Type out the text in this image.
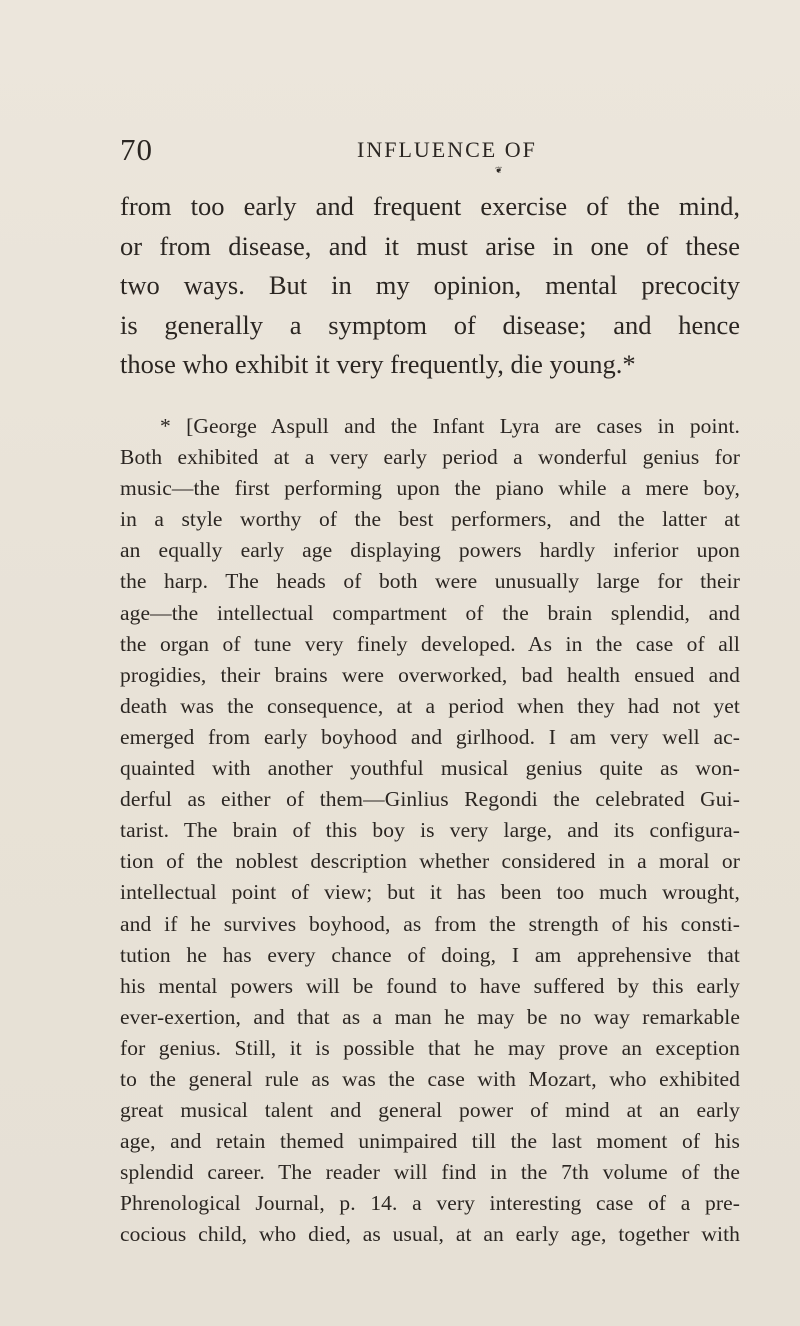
70	INFLUENCE OF
❦
from too early and frequent exercise of the mind,
or from disease, and it must arise in one of these
two ways. But in my opinion, mental precocity
is generally a symptom of disease; and hence
those who exhibit it very frequently, die young.*
* [George Aspull and the Infant Lyra are cases in point.
Both exhibited at a very early period a wonderful genius for
music—the first performing upon the piano while a mere boy,
in a style worthy of the best performers, and the latter at
an equally early age displaying powers hardly inferior upon
the harp. The heads of both were unusually large for their
age—the intellectual compartment of the brain splendid, and
the organ of tune very finely developed. As in the case of all
progidies, their brains were overworked, bad health ensued and
death was the consequence, at a period when they had not yet
emerged from early boyhood and girlhood. I am very well ac-
quainted with another youthful musical genius quite as won-
derful as either of them—Ginlius Regondi the celebrated Gui-
tarist. The brain of this boy is very large, and its configura-
tion of the noblest description whether considered in a moral or
intellectual point of view; but it has been too much wrought,
and if he survives boyhood, as from the strength of his consti-
tution he has every chance of doing, I am apprehensive that
his mental powers will be found to have suffered by this early
ever-exertion, and that as a man he may be no way remarkable
for genius. Still, it is possible that he may prove an exception
to the general rule as was the case with Mozart, who exhibited
great musical talent and general power of mind at an early
age, and retain themed unimpaired till the last moment of his
splendid career. The reader will find in the 7th volume of the
Phrenological Journal, p. 14. a very interesting case of a pre-
cocious child, who died, as usual, at an early age, together with
